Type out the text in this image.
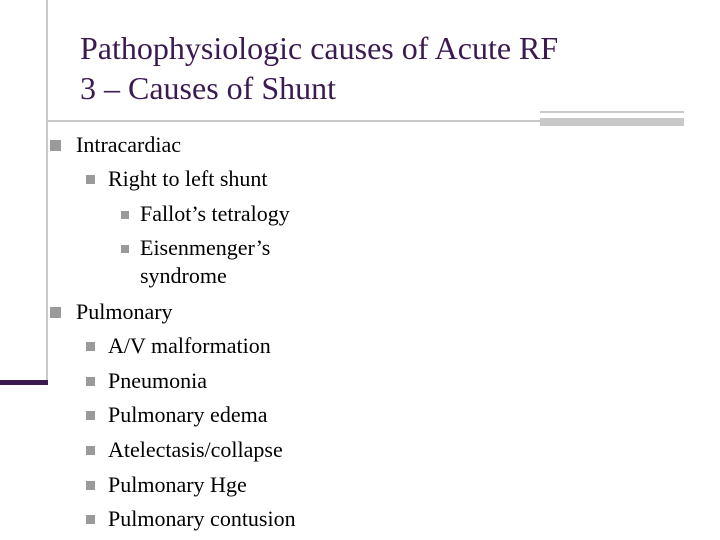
Pathophysiologic causes of Acute RF
3 – Causes of Shunt
Intracardiac
Right to left shunt
Fallot’s tetralogy
Eisenmenger’s
syndrome
Pulmonary
A/V malformation
Pneumonia
Pulmonary edema
Atelectasis/collapse
Pulmonary Hge
Pulmonary contusion
